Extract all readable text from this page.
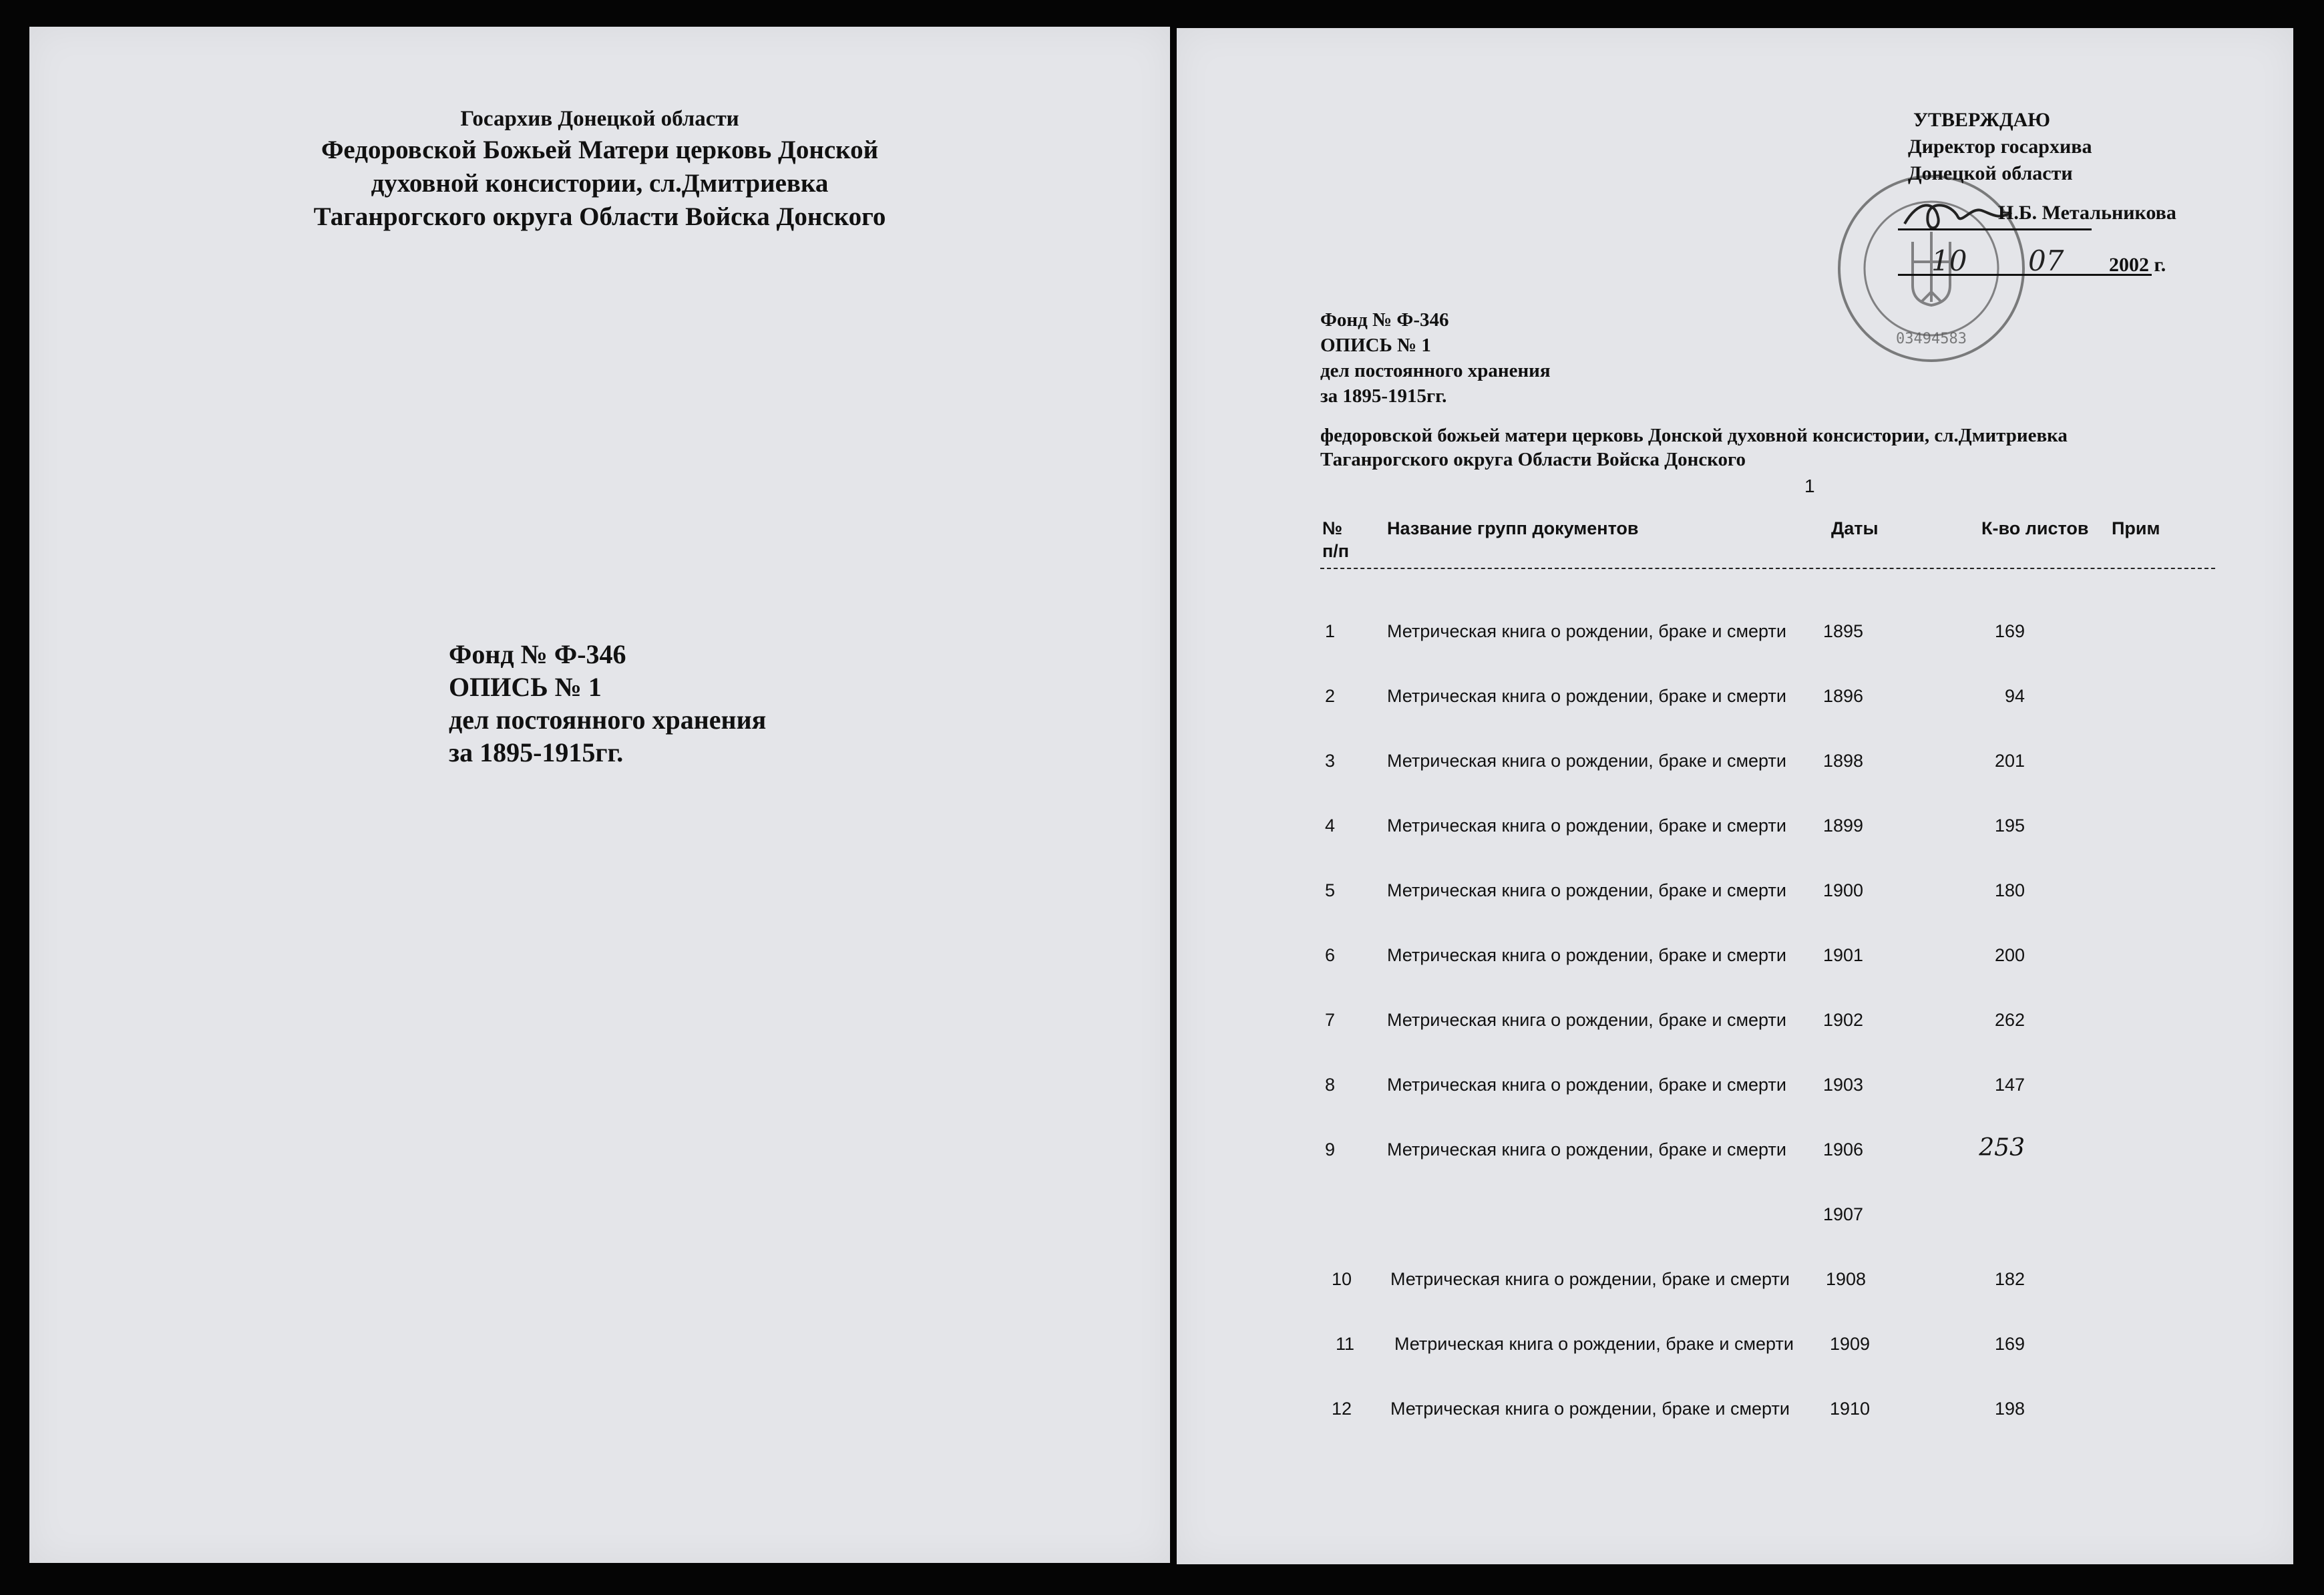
Госархив Донецкой области
Федоровской Божьей Матери церковь Донской
духовной консистории, сл.Дмитриевка
Таганрогского округа Области Войска Донского
Фонд № Ф-346
ОПИСЬ № 1
дел постоянного хранения
за 1895-1915гг.
03494583
УТВЕРЖДАЮ
Директор госархива
Донецкой области
Н.Б. Метальникова
10 07 2002 г.
Фонд № Ф-346
ОПИСЬ № 1
дел постоянного хранения
за 1895-1915гг.
федоровской божьей матери церковь Донской духовной консистории, сл.Дмитриевка
Таганрогского округа Области Войска Донского
1
№
п/п
Название групп документов	Даты	К-во листов Прим
1	Метрическая книга о рождении, браке и смерти 1895	169
2	Метрическая книга о рождении, браке и смерти 1896	94
3	Метрическая книга о рождении, браке и смерти 1898	201
4	Метрическая книга о рождении, браке и смерти 1899	195
5	Метрическая книга о рождении, браке и смерти 1900	180
6	Метрическая книга о рождении, браке и смерти 1901	200
7	Метрическая книга о рождении, браке и смерти 1902	262
8	Метрическая книга о рождении, браке и смерти 1903	147
9	Метрическая книга о рождении, браке и смерти 1906	253
1907
10 Метрическая книга о рождении, браке и смерти 1908	182
11 Метрическая книга о рождении, браке и смерти 1909	169
12 Метрическая книга о рождении, браке и смерти 1910	198
